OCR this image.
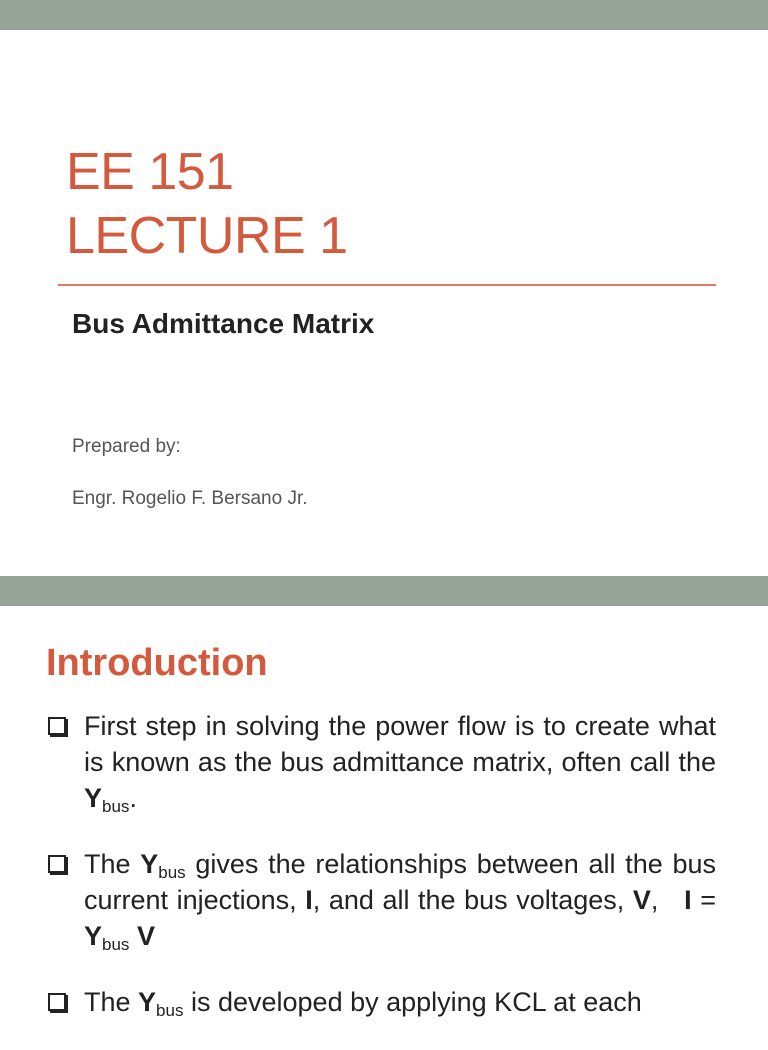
EE 151
LECTURE 1
Bus Admittance Matrix
Prepared by:
Engr. Rogelio F. Bersano Jr.
Introduction
First step in solving the power flow is to create what is known as the bus admittance matrix, often call the $Y_{bus}$.
The $Y_{bus}$ gives the relationships between all the bus current injections, I, and all the bus voltages, V, $I = Y_{bus}$ V
The $Y_{bus}$ is developed by applying KCL at each
